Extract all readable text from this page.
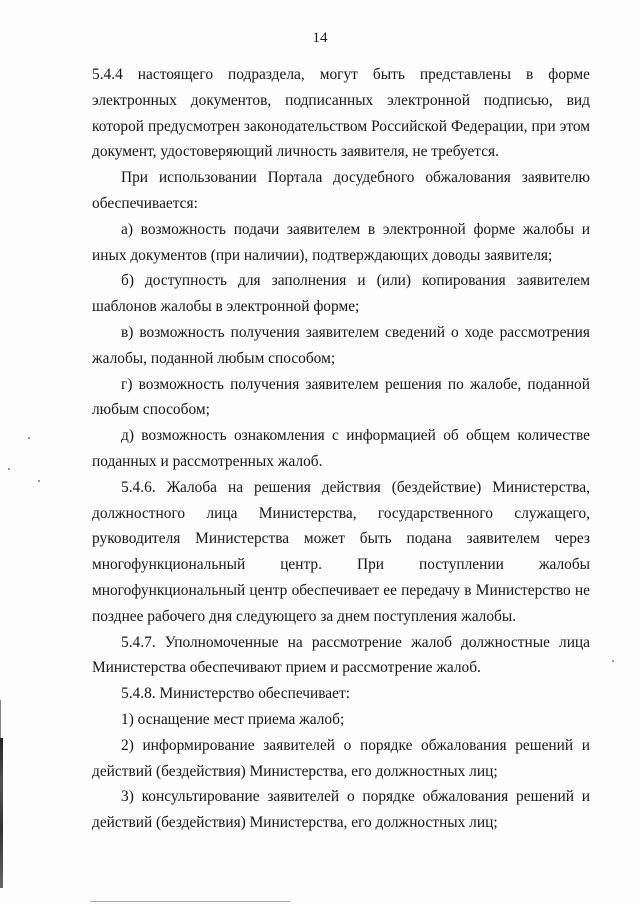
14

5.4.4 настоящего подраздела, могут быть представлены в форме электронных документов, подписанных электронной подписью, вид которой предусмотрен законодательством Российской Федерации, при этом документ, удостоверяющий личность заявителя, не требуется.

При использовании Портала досудебного обжалования заявителю обеспечивается:

а) возможность подачи заявителем в электронной форме жалобы и иных документов (при наличии), подтверждающих доводы заявителя;

б) доступность для заполнения и (или) копирования заявителем шаблонов жалобы в электронной форме;

в) возможность получения заявителем сведений о ходе рассмотрения жалобы, поданной любым способом;

г) возможность получения заявителем решения по жалобе, поданной любым способом;

д) возможность ознакомления с информацией об общем количестве поданных и рассмотренных жалоб.

5.4.6. Жалоба на решения действия (бездействие) Министерства, должностного лица Министерства, государственного служащего, руководителя Министерства может быть подана заявителем через многофункциональный центр. При поступлении жалобы многофункциональный центр обеспечивает ее передачу в Министерство не позднее рабочего дня следующего за днем поступления жалобы.

5.4.7. Уполномоченные на рассмотрение жалоб должностные лица Министерства обеспечивают прием и рассмотрение жалоб.

5.4.8. Министерство обеспечивает:

1) оснащение мест приема жалоб;

2) информирование заявителей о порядке обжалования решений и действий (бездействия) Министерства, его должностных лиц;

3) консультирование заявителей о порядке обжалования решений и действий (бездействия) Министерства, его должностных лиц;
